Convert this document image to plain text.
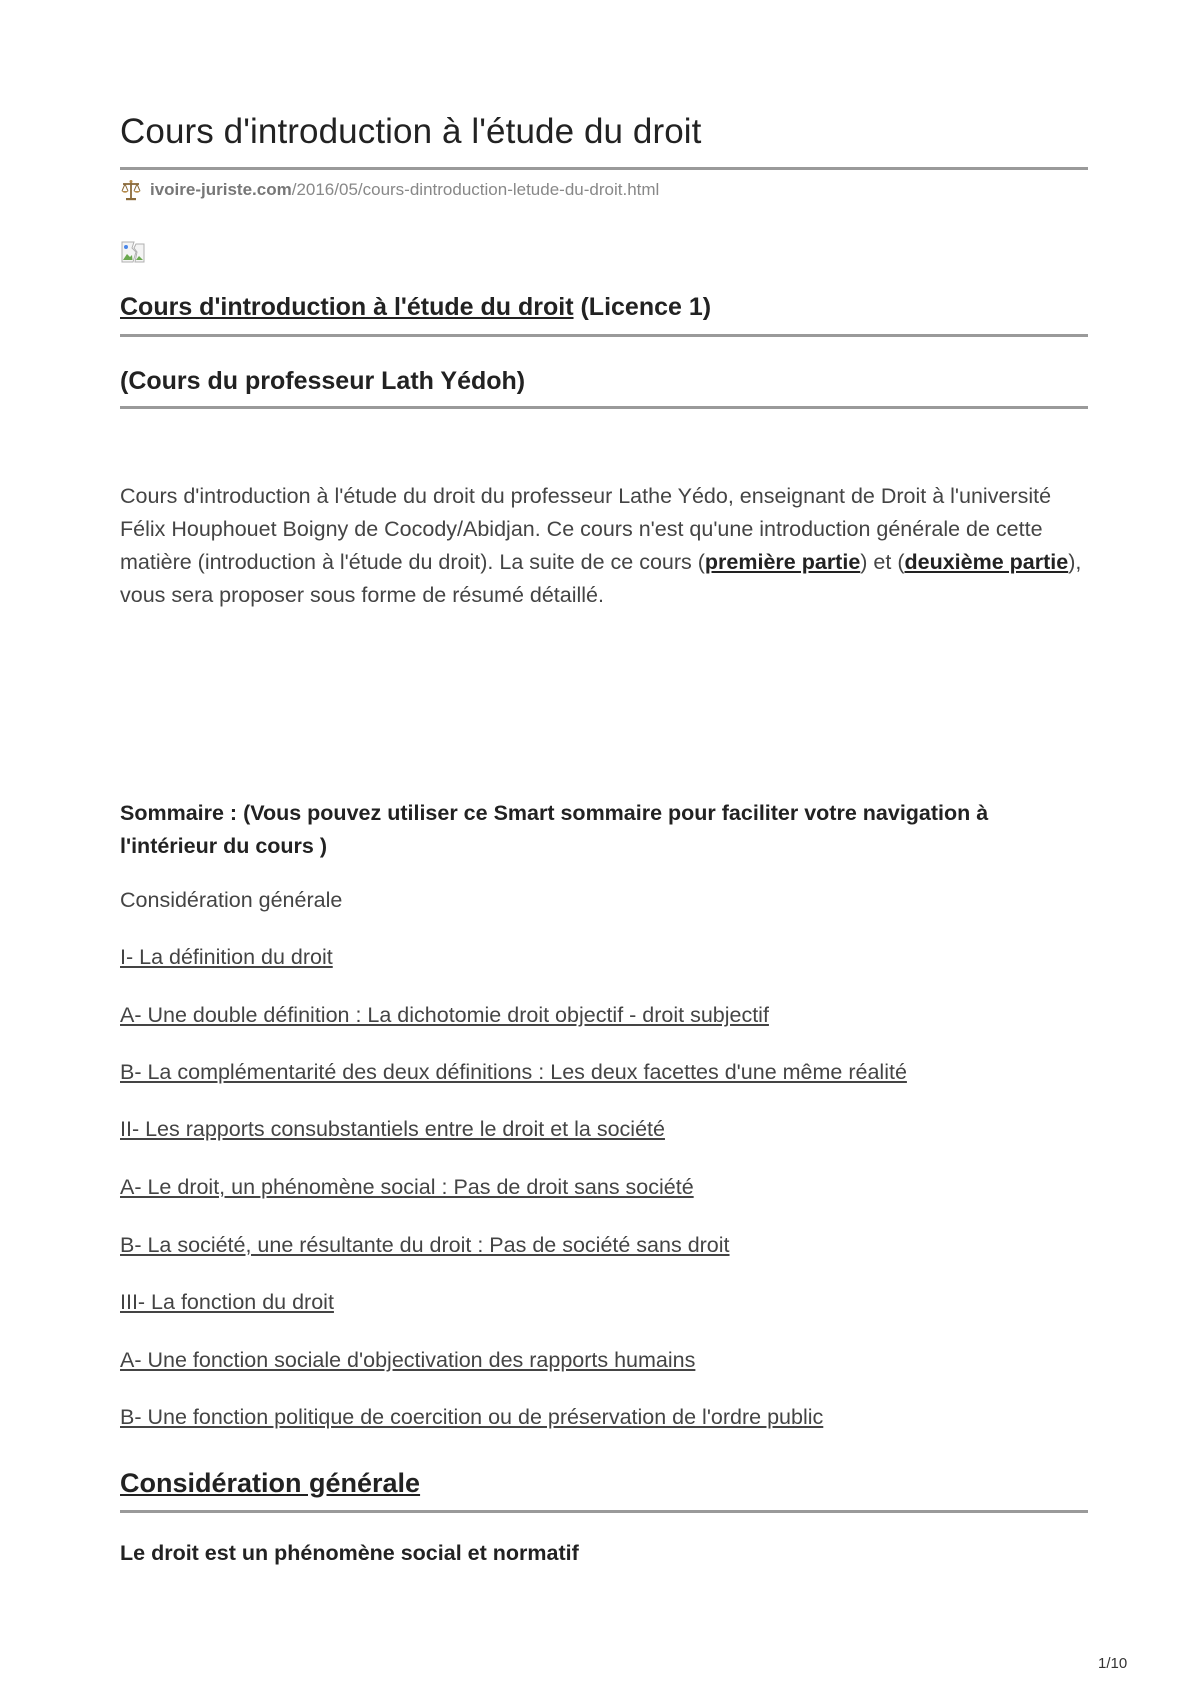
Cours d'introduction à l'étude du droit
ivoire-juriste.com /2016/05/cours-dintroduction-letude-du-droit.html
Cours d'introduction à l'étude du droit (Licence 1)
(Cours du professeur Lath Yédoh)

Cours d'introduction à l'étude du droit du professeur Lathe Yédo, enseignant de Droit à l'université Félix Houphouet Boigny de Cocody/Abidjan. Ce cours n'est qu'une introduction générale de cette matière (introduction à l'étude du droit). La suite de ce cours (première partie) et (deuxième partie), vous sera proposer sous forme de résumé détaillé.

Sommaire : (Vous pouvez utiliser ce Smart sommaire pour faciliter votre navigation à l'intérieur du cours )

Considération générale
I- La définition du droit
A- Une double définition : La dichotomie droit objectif - droit subjectif
B- La complémentarité des deux définitions : Les deux facettes d'une même réalité
II- Les rapports consubstantiels entre le droit et la société
A- Le droit, un phénomène social : Pas de droit sans société
B- La société, une résultante du droit : Pas de société sans droit
III- La fonction du droit
A- Une fonction sociale d'objectivation des rapports humains
B- Une fonction politique de coercition ou de préservation de l'ordre public
Considération générale
Le droit est un phénomène social et normatif
1/10
